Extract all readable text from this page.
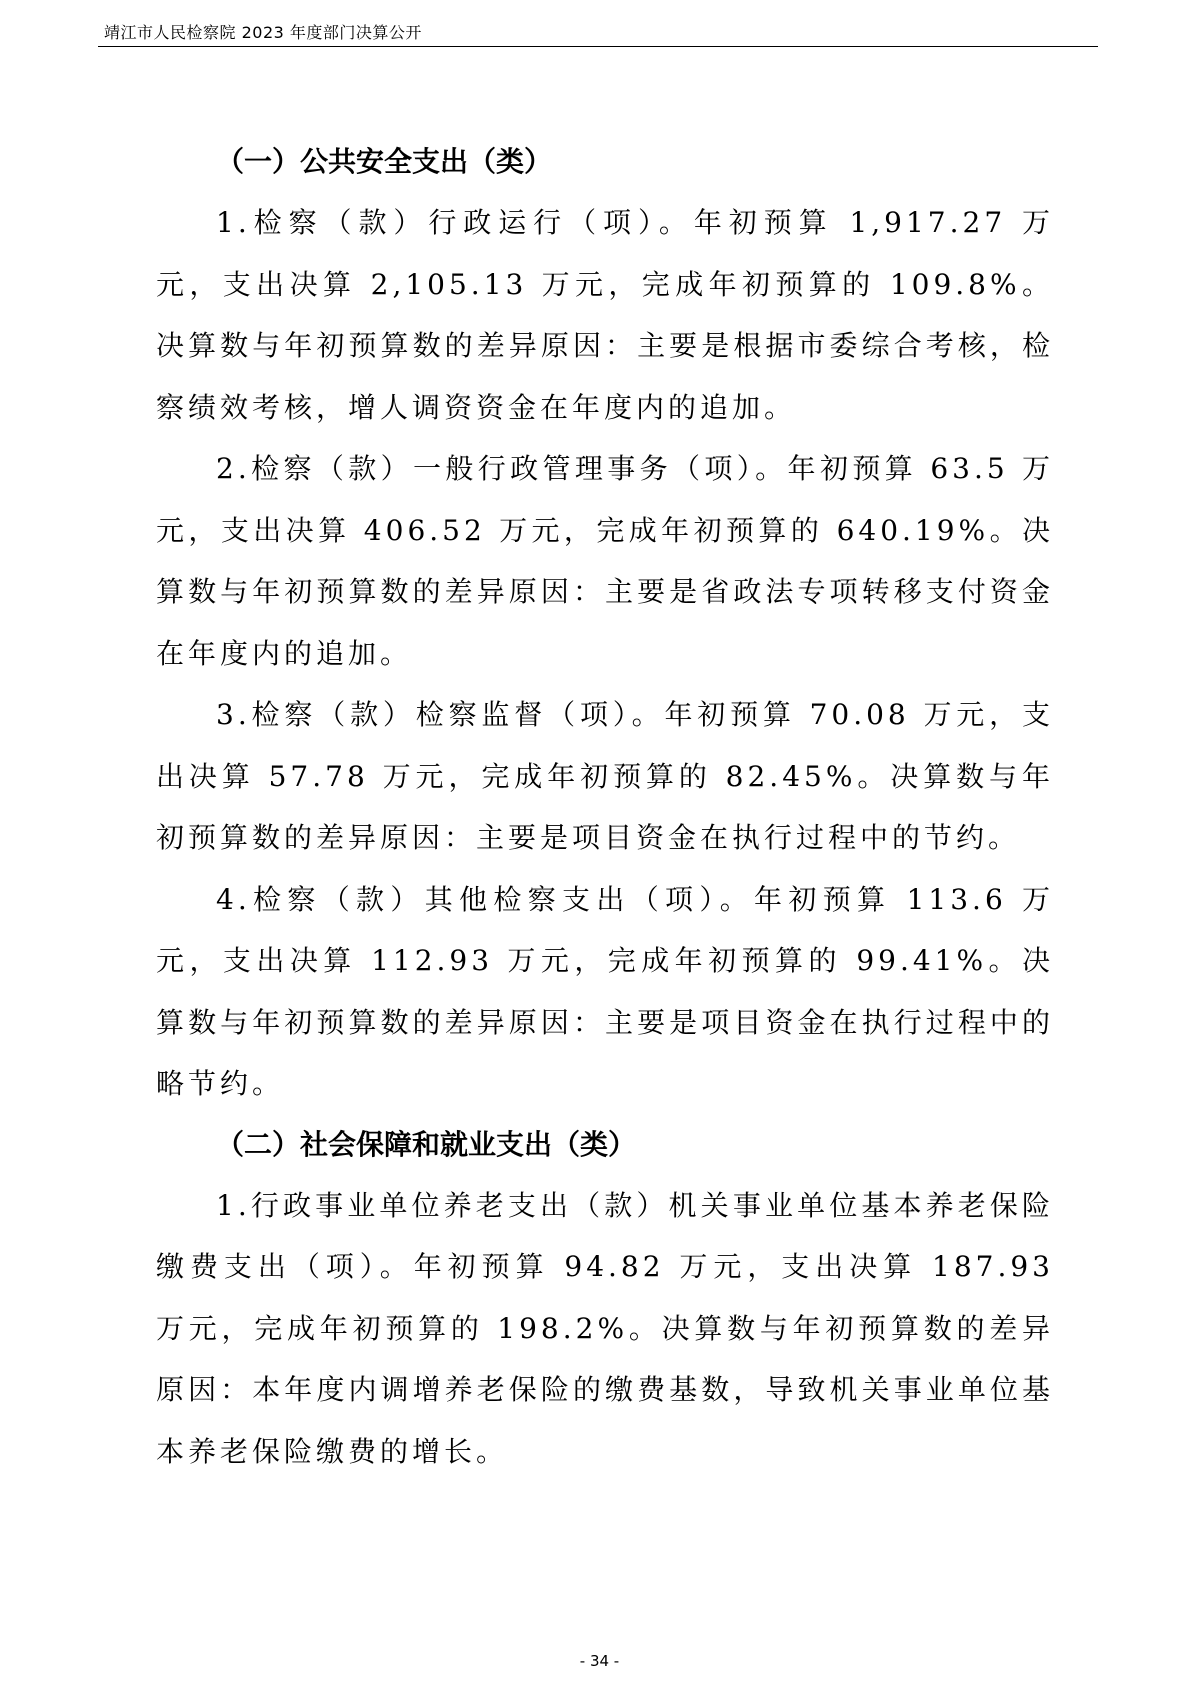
靖江市人民检察院 2023 年度部门决算公开

（一）公共安全支出（类）

1.检察（款）行政运行（项）。年初预算 1,917.27 万元，支出决算 2,105.13 万元，完成年初预算的 109.8%。决算数与年初预算数的差异原因：主要是根据市委综合考核，检察绩效考核，增人调资资金在年度内的追加。

2.检察（款）一般行政管理事务（项）。年初预算 63.5 万元，支出决算 406.52 万元，完成年初预算的 640.19%。决算数与年初预算数的差异原因：主要是省政法专项转移支付资金在年度内的追加。

3.检察（款）检察监督（项）。年初预算 70.08 万元，支出决算 57.78 万元，完成年初预算的 82.45%。决算数与年初预算数的差异原因：主要是项目资金在执行过程中的节约。

4.检察（款）其他检察支出（项）。年初预算 113.6 万元，支出决算 112.93 万元，完成年初预算的 99.41%。决算数与年初预算数的差异原因：主要是项目资金在执行过程中的略节约。

（二）社会保障和就业支出（类）

1.行政事业单位养老支出（款）机关事业单位基本养老保险缴费支出（项）。年初预算 94.82 万元，支出决算 187.93 万元，完成年初预算的 198.2%。决算数与年初预算数的差异原因：本年度内调增养老保险的缴费基数，导致机关事业单位基本养老保险缴费的增长。

- 34 -
